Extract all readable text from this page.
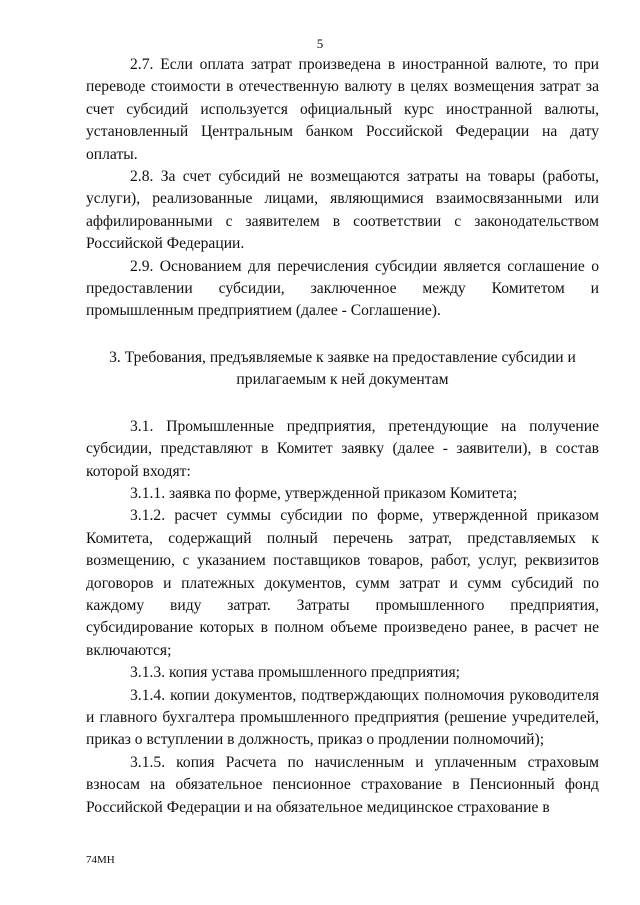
5

2.7. Если оплата затрат произведена в иностранной валюте, то при переводе стоимости в отечественную валюту в целях возмещения затрат за счет субсидий используется официальный курс иностранной валюты, установленный Центральным банком Российской Федерации на дату оплаты.

2.8. За счет субсидий не возмещаются затраты на товары (работы, услуги), реализованные лицами, являющимися взаимосвязанными или аффилированными с заявителем в соответствии с законодательством Российской Федерации.

2.9. Основанием для перечисления субсидии является соглашение о предоставлении субсидии, заключенное между Комитетом и промышленным предприятием (далее - Соглашение).

3. Требования, предъявляемые к заявке на предоставление субсидии и прилагаемым к ней документам

3.1. Промышленные предприятия, претендующие на получение субсидии, представляют в Комитет заявку (далее - заявители), в состав которой входят:

3.1.1. заявка по форме, утвержденной приказом Комитета;

3.1.2. расчет суммы субсидии по форме, утвержденной приказом Комитета, содержащий полный перечень затрат, представляемых к возмещению, с указанием поставщиков товаров, работ, услуг, реквизитов договоров и платежных документов, сумм затрат и сумм субсидий по каждому виду затрат. Затраты промышленного предприятия, субсидирование которых в полном объеме произведено ранее, в расчет не включаются;

3.1.3. копия устава промышленного предприятия;

3.1.4. копии документов, подтверждающих полномочия руководителя и главного бухгалтера промышленного предприятия (решение учредителей, приказ о вступлении в должность, приказ о продлении полномочий);

3.1.5. копия Расчета по начисленным и уплаченным страховым взносам на обязательное пенсионное страхование в Пенсионный фонд Российской Федерации и на обязательное медицинское страхование в

74МН
